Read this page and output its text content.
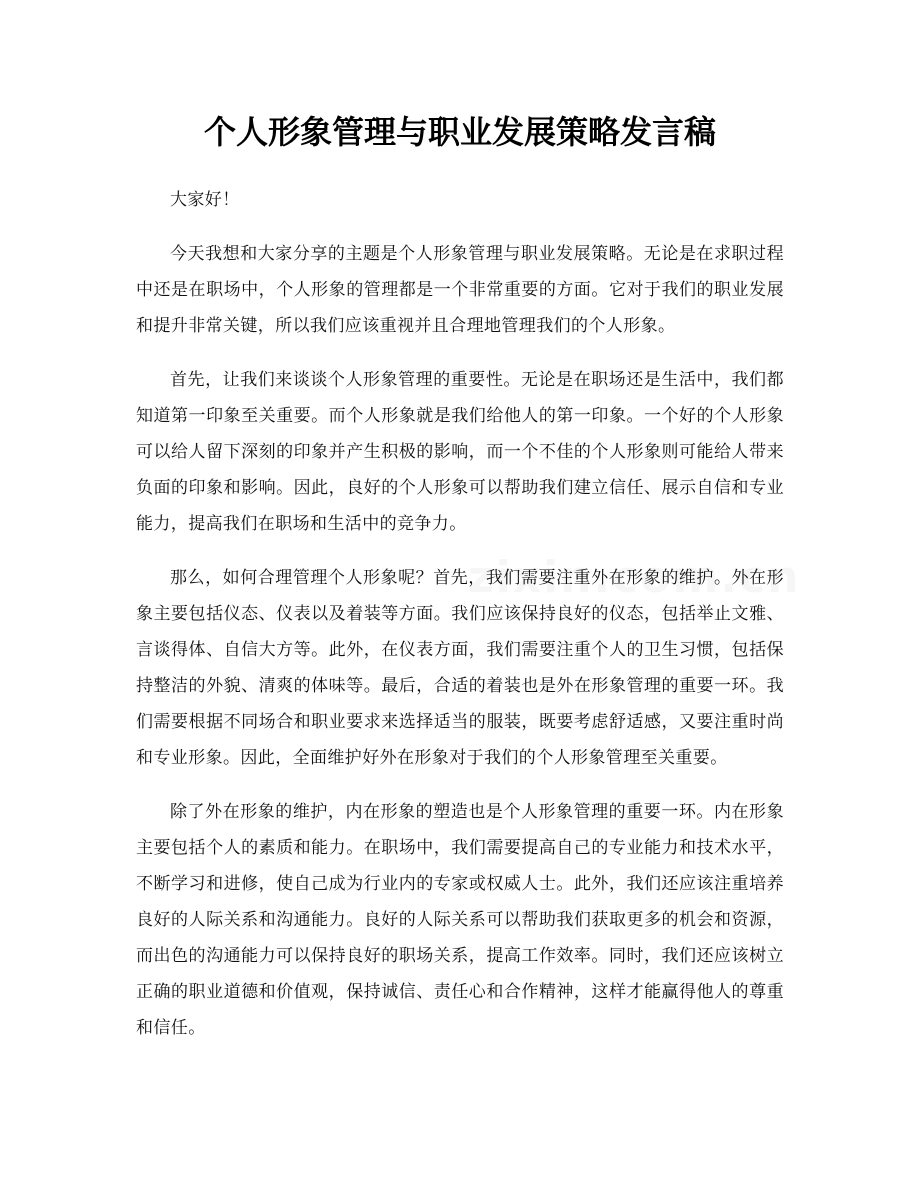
个人形象管理与职业发展策略发言稿

大家好！

今天我想和大家分享的主题是个人形象管理与职业发展策略。无论是在求职过程中还是在职场中，个人形象的管理都是一个非常重要的方面。它对于我们的职业发展和提升非常关键，所以我们应该重视并且合理地管理我们的个人形象。

首先，让我们来谈谈个人形象管理的重要性。无论是在职场还是生活中，我们都知道第一印象至关重要。而个人形象就是我们给他人的第一印象。一个好的个人形象可以给人留下深刻的印象并产生积极的影响，而一个不佳的个人形象则可能给人带来负面的印象和影响。因此，良好的个人形象可以帮助我们建立信任、展示自信和专业能力，提高我们在职场和生活中的竞争力。

那么，如何合理管理个人形象呢？首先，我们需要注重外在形象的维护。外在形象主要包括仪态、仪表以及着装等方面。我们应该保持良好的仪态，包括举止文雅、言谈得体、自信大方等。此外，在仪表方面，我们需要注重个人的卫生习惯，包括保持整洁的外貌、清爽的体味等。最后，合适的着装也是外在形象管理的重要一环。我们需要根据不同场合和职业要求来选择适当的服装，既要考虑舒适感，又要注重时尚和专业形象。因此，全面维护好外在形象对于我们的个人形象管理至关重要。

除了外在形象的维护，内在形象的塑造也是个人形象管理的重要一环。内在形象主要包括个人的素质和能力。在职场中，我们需要提高自己的专业能力和技术水平，不断学习和进修，使自己成为行业内的专家或权威人士。此外，我们还应该注重培养良好的人际关系和沟通能力。良好的人际关系可以帮助我们获取更多的机会和资源，而出色的沟通能力可以保持良好的职场关系，提高工作效率。同时，我们还应该树立正确的职业道德和价值观，保持诚信、责任心和合作精神，这样才能赢得他人的尊重和信任。
